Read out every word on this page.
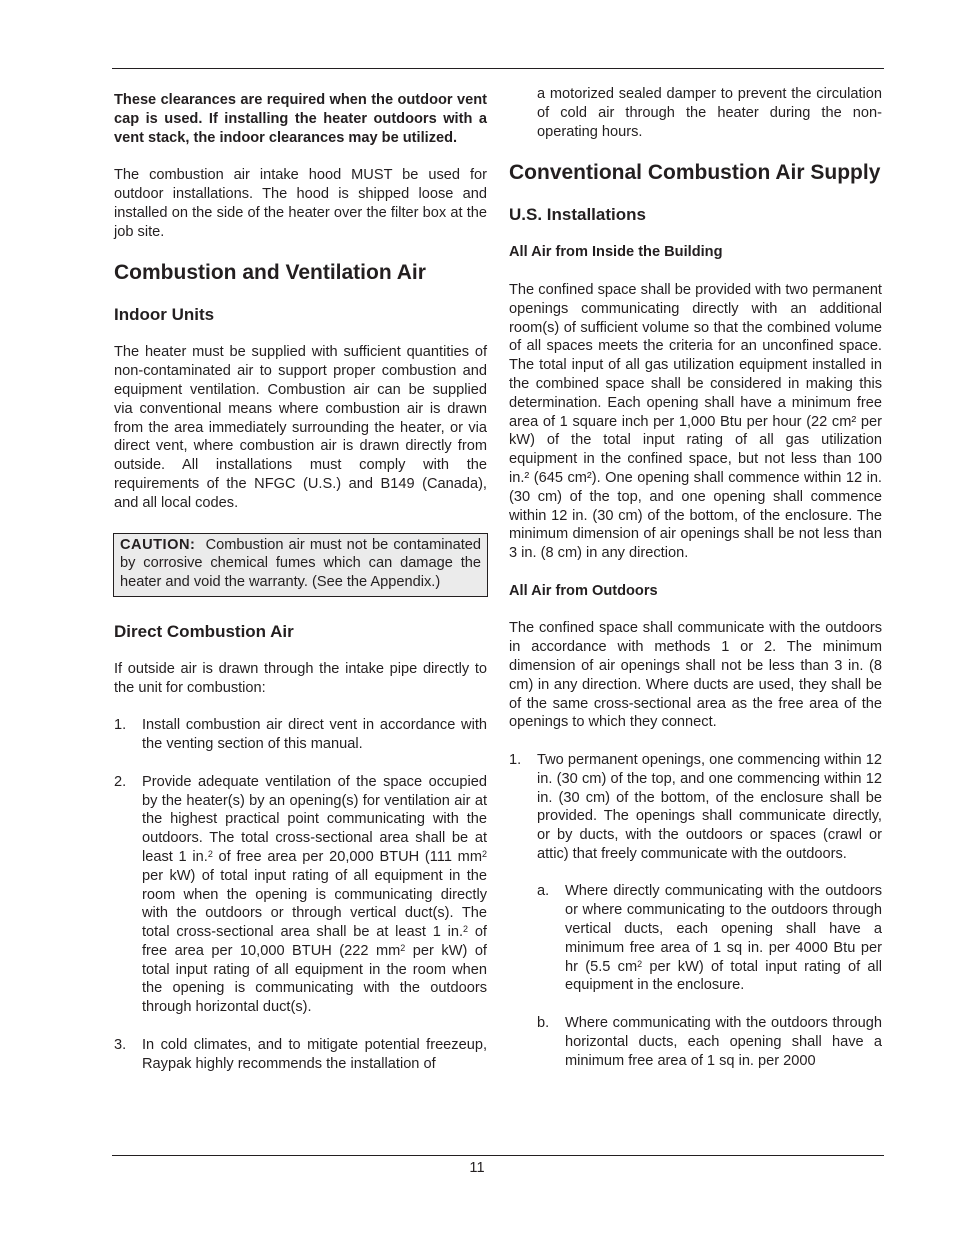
These clearances are required when the outdoor vent cap is used. If installing the heater outdoors with a vent stack, the indoor clearances may be utilized.

The combustion air intake hood MUST be used for outdoor installations. The hood is shipped loose and installed on the side of the heater over the filter box at the job site.

Combustion and Ventilation Air
Indoor Units

The heater must be supplied with sufficient quantities of non-contaminated air to support proper combustion and equipment ventilation. Combustion air can be supplied via conventional means where combustion air is drawn from the area immediately surrounding the heater, or via direct vent, where combustion air is drawn directly from outside. All installations must comply with the requirements of the NFGC (U.S.) and B149 (Canada), and all local codes.

CAUTION: Combustion air must not be contaminated by corrosive chemical fumes which can damage the heater and void the warranty. (See the Appendix.)

Direct Combustion Air

If outside air is drawn through the intake pipe directly to the unit for combustion:

1. Install combustion air direct vent in accordance with the venting section of this manual.
2. Provide adequate ventilation of the space occupied by the heater(s) by an opening(s) for ventilation air at the highest practical point communicating with the outdoors. The total cross-sectional area shall be at least 1 in.$^2$ of free area per 20,000 BTUH (111 $mm^2$ per kW) of total input rating of all equipment in the room when the opening is communicating directly with the outdoors or through vertical duct(s). The total cross-sectional area shall be at least 1 in.$^2$ of free area per 10,000 BTUH (222 $mm^2$ per kW) of total input rating of all equipment in the room when the opening is communicating with the outdoors through horizontal duct(s).
3. In cold climates, and to mitigate potential freezeup, Raypak highly recommends the installation of

a motorized sealed damper to prevent the circulation of cold air through the heater during the non-operating hours.

Conventional Combustion Air Supply
U.S. Installations
All Air from Inside the Building

The confined space shall be provided with two permanent openings communicating directly with an additional room(s) of sufficient volume so that the combined volume of all spaces meets the criteria for an unconfined space. The total input of all gas utilization equipment installed in the combined space shall be considered in making this determination. Each opening shall have a minimum free area of 1 square inch per 1,000 Btu per hour (22 cm² per kW) of the total input rating of all gas utilization equipment in the confined space, but not less than 100 in.² (645 cm²). One opening shall commence within 12 in. (30 cm) of the top, and one opening shall commence within 12 in. (30 cm) of the bottom, of the enclosure. The minimum dimension of air openings shall be not less than 3 in. (8 cm) in any direction.

All Air from Outdoors

The confined space shall communicate with the outdoors in accordance with methods 1 or 2. The minimum dimension of air openings shall not be less than 3 in. (8 cm) in any direction. Where ducts are used, they shall be of the same cross-sectional area as the free area of the openings to which they connect.

1. Two permanent openings, one commencing within 12 in. (30 cm) of the top, and one commencing within 12 in. (30 cm) of the bottom, of the enclosure shall be provided. The openings shall communicate directly, or by ducts, with the outdoors or spaces (crawl or attic) that freely communicate with the outdoors.
a. Where directly communicating with the outdoors or where communicating to the outdoors through vertical ducts, each opening shall have a minimum free area of 1 sq in. per 4000 Btu per hr (5.5 $cm^2$ per kW) of total input rating of all equipment in the enclosure.
b. Where communicating with the outdoors through horizontal ducts, each opening shall have a minimum free area of 1 sq in. per 2000
11
